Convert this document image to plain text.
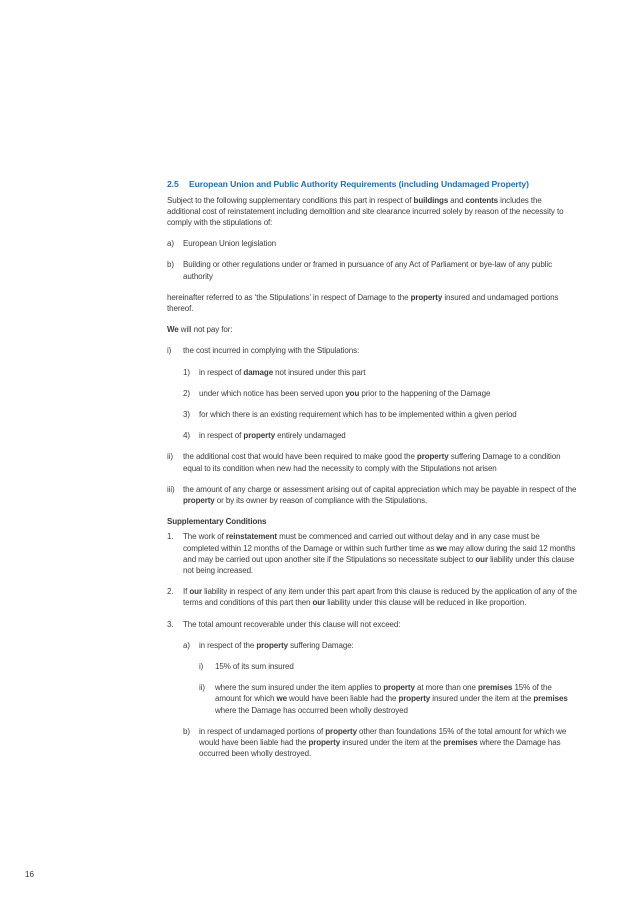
2.5	European Union and Public Authority Requirements (including Undamaged Property)

Subject to the following supplementary conditions this part in respect of buildings and contents includes the additional cost of reinstatement including demolition and site clearance incurred solely by reason of the necessity to comply with the stipulations of:

a)	European Union legislation
b)	Building or other regulations under or framed in pursuance of any Act of Parliament or bye-law of any public authority

hereinafter referred to as ‘the Stipulations’ in respect of Damage to the property insured and undamaged portions thereof.

We will not pay for:

i)	the cost incurred in complying with the Stipulations:

1)	in respect of damage not insured under this part
2)	under which notice has been served upon you prior to the happening of the Damage
3)	for which there is an existing requirement which has to be implemented within a given period
4)	in respect of property entirely undamaged
ii)	the additional cost that would have been required to make good the property suffering Damage to a condition equal to its condition when new had the necessity to comply with the Stipulations not arisen
iii)	the amount of any charge or assessment arising out of capital appreciation which may be payable in respect of the property or by its owner by reason of compliance with the Stipulations.
Supplementary Conditions
1.	The work of reinstatement must be commenced and carried out without delay and in any case must be completed within 12 months of the Damage or within such further time as we may allow during the said 12 months and may be carried out upon another site if the Stipulations so necessitate subject to our liability under this clause not being increased.
2.	If our liability in respect of any item under this part apart from this clause is reduced by the application of any of the terms and conditions of this part then our liability under this clause will be reduced in like proportion.
3.	The total amount recoverable under this clause will not exceed:

a)	in respect of the property suffering Damage:

i)	15% of its sum insured
ii)	where the sum insured under the item applies to property at more than one premises 15% of the amount for which we would have been liable had the property insured under the item at the premises where the Damage has occurred been wholly destroyed
b)	in respect of undamaged portions of property other than foundations 15% of the total amount for which we would have been liable had the property insured under the item at the premises where the Damage has occurred been wholly destroyed.
16
